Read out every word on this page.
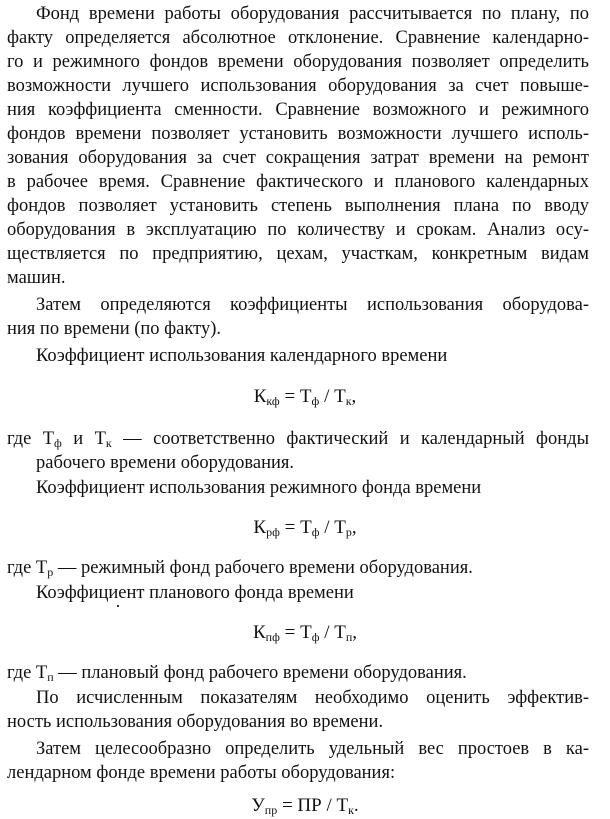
Фонд времени работы оборудования рассчитывается по плану, по
факту определяется абсолютное отклонение. Сравнение календарно-
го и режимного фондов времени оборудования позволяет определить
возможности лучшего использования оборудования за счет повыше-
ния коэффициента сменности. Сравнение возможного и режимного
фондов времени позволяет установить возможности лучшего исполь-
зования оборудования за счет сокращения затрат времени на ремонт
в рабочее время. Сравнение фактического и планового календарных
фондов позволяет установить степень выполнения плана по вводу
оборудования в эксплуатацию по количеству и срокам. Анализ осу-
ществляется по предприятию, цехам, участкам, конкретным видам
машин.
Затем определяются коэффициенты использования оборудова-
ния по времени (по факту).
Коэффициент использования календарного времени
$К_{кф} = Т_ф / Т_к$,
где $Т_ф$ и $Т_к$ — соответственно фактический и календарный фонды
рабочего времени оборудования.
Коэффициент использования режимного фонда времени
$К_{рф} = Т_ф / Т_р$,
где $Т_р$ — режимный фонд рабочего времени оборудования.
Коэффициент планового фонда времени
$К_{пф} = Т_ф / Т_п$,
где $Т_п$ — плановый фонд рабочего времени оборудования.
По исчисленным показателям необходимо оценить эффектив-
ность использования оборудования во времени.
Затем целесообразно определить удельный вес простоев в ка-
лендарном фонде времени работы оборудования:
$У_{пр}$ = ПР / $Т_к$.
